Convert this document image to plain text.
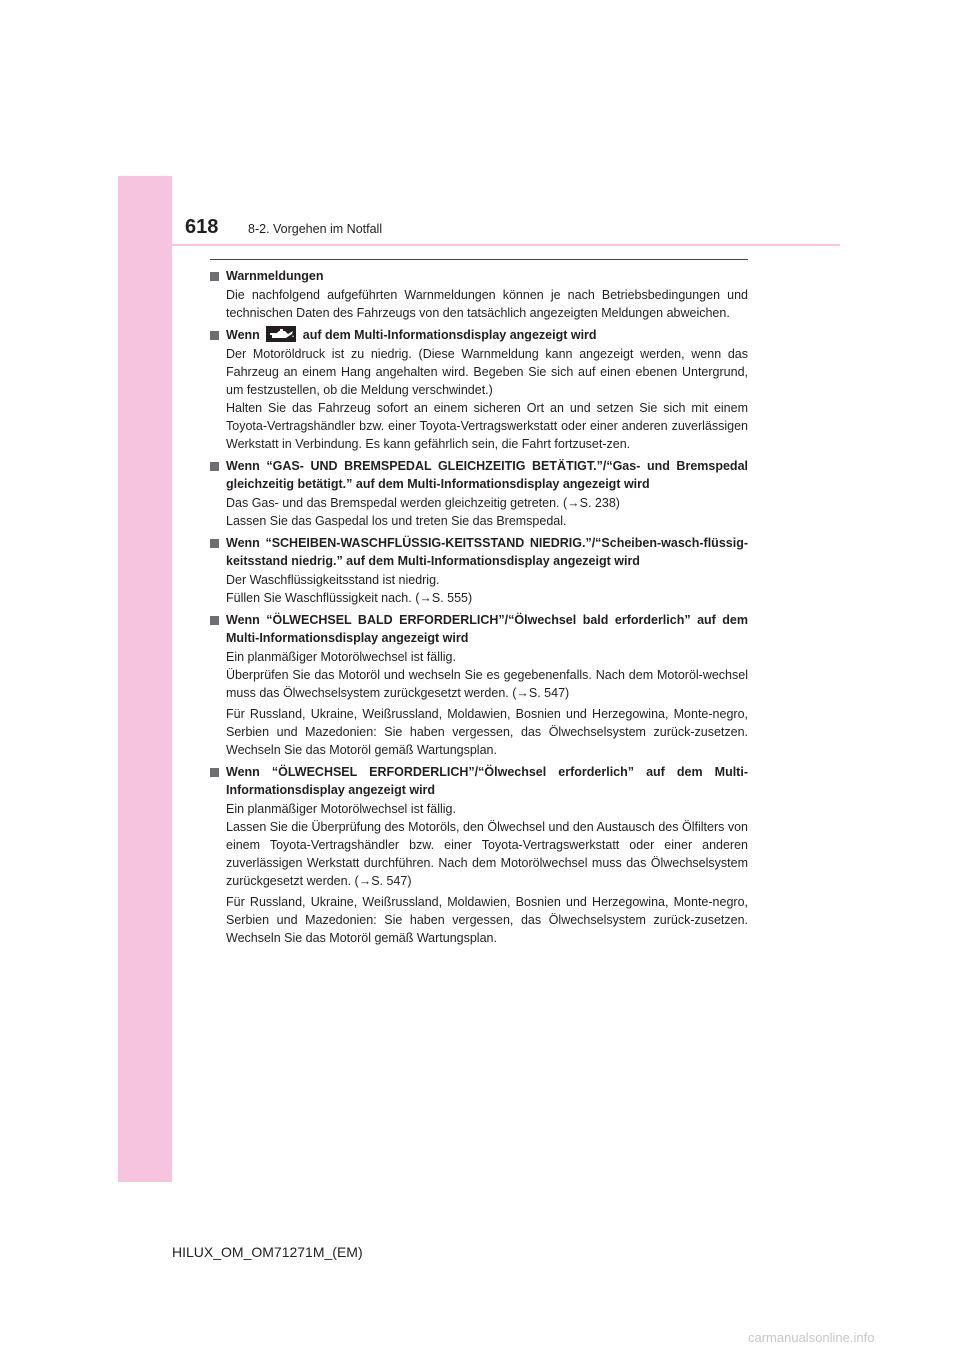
618 8-2. Vorgehen im Notfall
Warnmeldungen
Die nachfolgend aufgeführten Warnmeldungen können je nach Betriebsbedingungen und technischen Daten des Fahrzeugs von den tatsächlich angezeigten Meldungen abweichen.
Wenn	auf dem Multi-Informationsdisplay angezeigt wird
Der Motoröldruck ist zu niedrig. (Diese Warnmeldung kann angezeigt werden, wenn das Fahrzeug an einem Hang angehalten wird. Begeben Sie sich auf einen ebenen Untergrund, um festzustellen, ob die Meldung verschwindet.)
Halten Sie das Fahrzeug sofort an einem sicheren Ort an und setzen Sie sich mit einem Toyota-Vertragshändler bzw. einer Toyota-Vertragswerkstatt oder einer anderen zuverlässigen Werkstatt in Verbindung. Es kann gefährlich sein, die Fahrt fortzuset-zen.
Wenn “GAS- UND BREMSPEDAL GLEICHZEITIG BETÄTIGT.”/“Gas- und Bremspedal gleichzeitig betätigt.” auf dem Multi-Informationsdisplay angezeigt wird
Das Gas- und das Bremspedal werden gleichzeitig getreten. (→S. 238)
Lassen Sie das Gaspedal los und treten Sie das Bremspedal.
Wenn “SCHEIBEN-WASCHFLÜSSIG-KEITSSTAND NIEDRIG.”/“Scheiben-wasch-flüssig-keitsstand niedrig.” auf dem Multi-Informationsdisplay angezeigt wird
Der Waschflüssigkeitsstand ist niedrig.
Füllen Sie Waschflüssigkeit nach. (→S. 555)
Wenn “ÖLWECHSEL BALD ERFORDERLICH”/“Ölwechsel bald erforderlich” auf dem Multi-Informationsdisplay angezeigt wird
Ein planmäßiger Motorölwechsel ist fällig.
Überprüfen Sie das Motoröl und wechseln Sie es gegebenenfalls. Nach dem Motoröl-wechsel muss das Ölwechselsystem zurückgesetzt werden. (→S. 547)
Für Russland, Ukraine, Weißrussland, Moldawien, Bosnien und Herzegowina, Monte-negro, Serbien und Mazedonien: Sie haben vergessen, das Ölwechselsystem zurück-zusetzen. Wechseln Sie das Motoröl gemäß Wartungsplan.
Wenn “ÖLWECHSEL ERFORDERLICH”/“Ölwechsel erforderlich” auf dem Multi-Informationsdisplay angezeigt wird
Ein planmäßiger Motorölwechsel ist fällig.
Lassen Sie die Überprüfung des Motoröls, den Ölwechsel und den Austausch des Ölfilters von einem Toyota-Vertragshändler bzw. einer Toyota-Vertragswerkstatt oder einer anderen zuverlässigen Werkstatt durchführen. Nach dem Motorölwechsel muss das Ölwechselsystem zurückgesetzt werden. (→S. 547)
Für Russland, Ukraine, Weißrussland, Moldawien, Bosnien und Herzegowina, Monte-negro, Serbien und Mazedonien: Sie haben vergessen, das Ölwechselsystem zurück-zusetzen. Wechseln Sie das Motoröl gemäß Wartungsplan.
HILUX_OM_OM71271M_(EM)
carmanualsonline.info
